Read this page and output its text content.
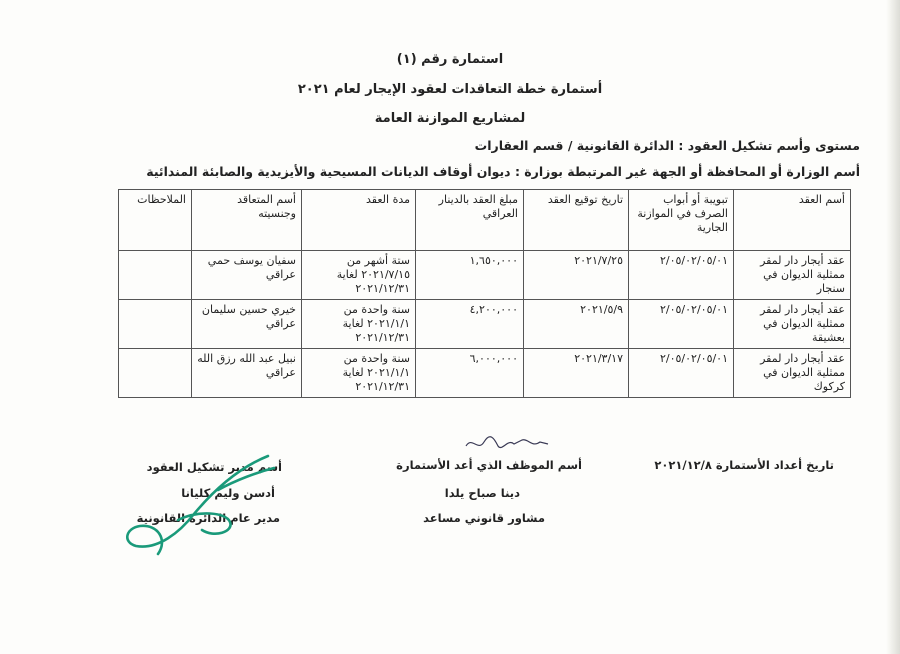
استمارة رقم (١)
أستمارة خطة التعاقدات لعقود الإيجار لعام ٢٠٢١
لمشاريع الموازنة العامة
مستوى وأسم تشكيل العقود : الدائرة القانونية / قسم العقارات
أسم الوزارة أو المحافظة أو الجهة غير المرتبطة بوزارة : ديوان أوقاف الديانات المسيحية والأيزيدية والصابئة المندائية
أسم العقد	تبويبة أو أبواب الصرف في الموازنة الجارية	تاريخ توقيع العقد	مبلغ العقد بالدينار العراقي	مدة العقد	أسم المتعاقد وجنسيته	الملاحظات
عقد أيجار دار لمقر ممثلية الديوان في سنجار	٢/٠٥/٠٢/٠٥/٠١	٢٠٢١/٧/٢٥	١,٦٥٠,٠٠٠	ستة أشهر من ٢٠٢١/٧/١٥ لغاية ٢٠٢١/١٢/٣١	سفيان يوسف حمي عراقي	
عقد أيجار دار لمقر ممثلية الديوان في بعشيقة	٢/٠٥/٠٢/٠٥/٠١	٢٠٢١/٥/٩	٤,٢٠٠,٠٠٠	سنة واحدة من ٢٠٢١/١/١ لغاية ٢٠٢١/١٢/٣١	خيري حسين سليمان عراقي	
عقد أيجار دار لمقر ممثلية الديوان في كركوك	٢/٠٥/٠٢/٠٥/٠١	٢٠٢١/٣/١٧	٦,٠٠٠,٠٠٠	سنة واحدة من ٢٠٢١/١/١ لغاية ٢٠٢١/١٢/٣١	نبيل عبد الله رزق الله عراقي	
تاريخ أعداد الأستمارة ٢٠٢١/١٢/٨
أسم الموظف الذي أعد الأستمارة
دينا صباح يلدا
مشاور قانوني مساعد
أسم مدير تشكيل العقود
أدسن وليم كليانا
مدير عام الدائرة القانونية
